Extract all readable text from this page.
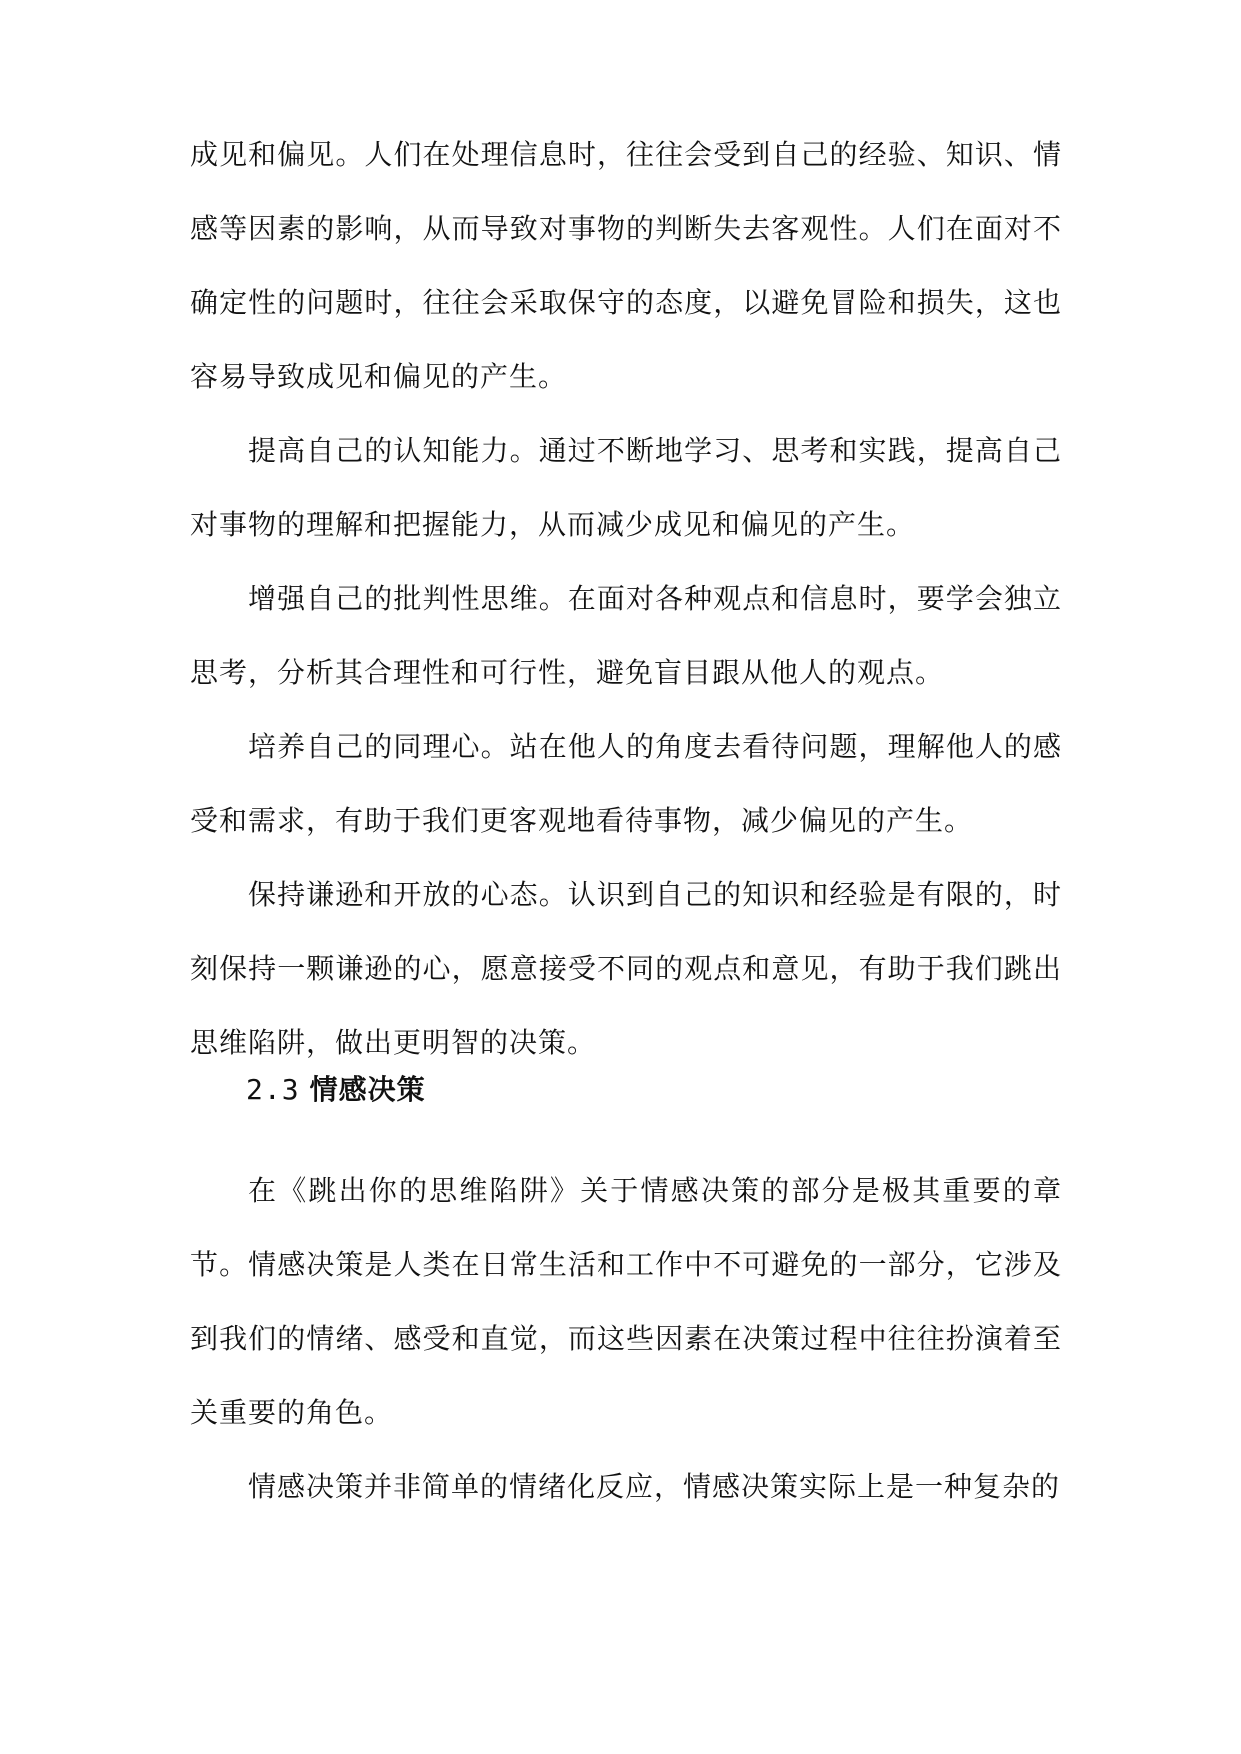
成见和偏见。人们在处理信息时，往往会受到自己的经验、知识、情感等因素的影响，从而导致对事物的判断失去客观性。人们在面对不确定性的问题时，往往会采取保守的态度，以避免冒险和损失，这也容易导致成见和偏见的产生。

提高自己的认知能力。通过不断地学习、思考和实践，提高自己对事物的理解和把握能力，从而减少成见和偏见的产生。

增强自己的批判性思维。在面对各种观点和信息时，要学会独立思考，分析其合理性和可行性，避免盲目跟从他人的观点。

培养自己的同理心。站在他人的角度去看待问题，理解他人的感受和需求，有助于我们更客观地看待事物，减少偏见的产生。

保持谦逊和开放的心态。认识到自己的知识和经验是有限的，时刻保持一颗谦逊的心，愿意接受不同的观点和意见，有助于我们跳出思维陷阱，做出更明智的决策。

2.3 情感决策

在《跳出你的思维陷阱》关于情感决策的部分是极其重要的章节。情感决策是人类在日常生活和工作中不可避免的一部分，它涉及到我们的情绪、感受和直觉，而这些因素在决策过程中往往扮演着至关重要的角色。

情感决策并非简单的情绪化反应，情感决策实际上是一种复杂的
